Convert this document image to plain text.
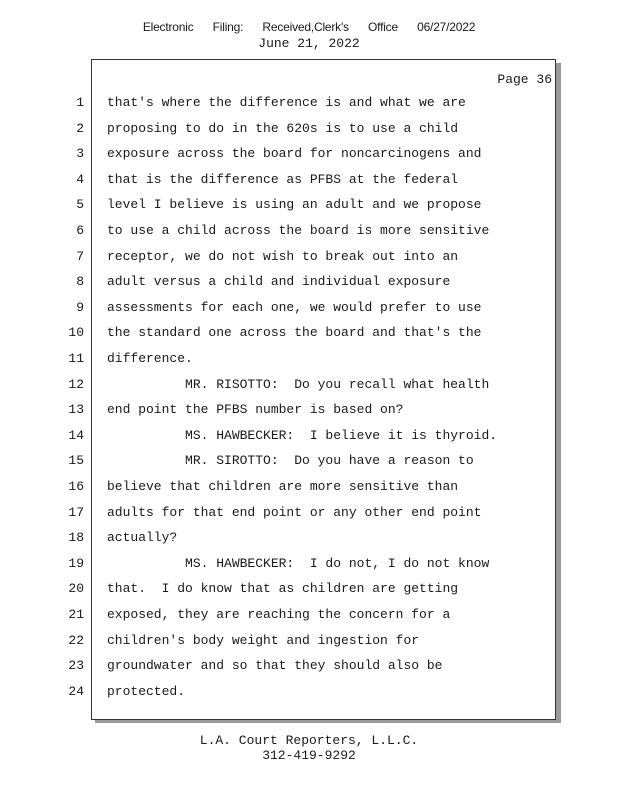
Electronic Filing: Received,Clerk's Office 06/27/2022
June 21, 2022
Page 36
1 that's where the difference is and what we are
2 proposing to do in the 620s is to use a child
3 exposure across the board for noncarcinogens and
4 that is the difference as PFBS at the federal
5 level I believe is using an adult and we propose
6 to use a child across the board is more sensitive
7 receptor, we do not wish to break out into an
8 adult versus a child and individual exposure
9 assessments for each one, we would prefer to use
10 the standard one across the board and that's the
11 difference.
12 MR. RISOTTO:  Do you recall what health
13 end point the PFBS number is based on?
14 MS. HAWBECKER:  I believe it is thyroid.
15 MR. SIROTTO:  Do you have a reason to
16 believe that children are more sensitive than
17 adults for that end point or any other end point
18 actually?
19 MS. HAWBECKER:  I do not, I do not know
20 that.  I do know that as children are getting
21 exposed, they are reaching the concern for a
22 children's body weight and ingestion for
23 groundwater and so that they should also be
24 protected.
L.A. Court Reporters, L.L.C.
312-419-9292
